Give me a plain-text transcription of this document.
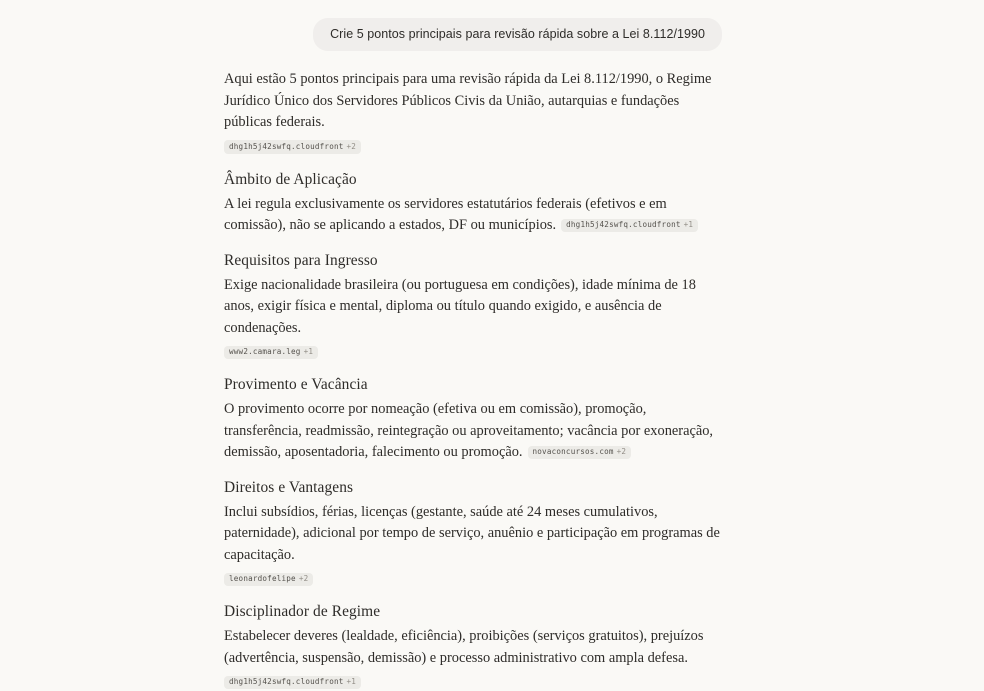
Crie 5 pontos principais para revisão rápida sobre a Lei 8.112/1990

Aqui estão 5 pontos principais para uma revisão rápida da Lei 8.112/1990, o Regime Jurídico Único dos Servidores Públicos Civis da União, autarquias e fundações públicas federais.

dhg1h5j42swfq.cloudfront +2
Âmbito de Aplicação

A lei regula exclusivamente os servidores estatutários federais (efetivos e em comissão), não se aplicando a estados, DF ou municípios. dhg1h5j42swfq.cloudfront +1

Requisitos para Ingresso

Exige nacionalidade brasileira (ou portuguesa em condições), idade mínima de 18 anos, exigir física e mental, diploma ou título quando exigido, e ausência de condenações.

www2.camara.leg +1
Provimento e Vacância

O provimento ocorre por nomeação (efetiva ou em comissão), promoção, transferência, readmissão, reintegração ou aproveitamento; vacância por exoneração, demissão, aposentadoria, falecimento ou promoção. novaconcursos.com +2

Direitos e Vantagens

Inclui subsídios, férias, licenças (gestante, saúde até 24 meses cumulativos, paternidade), adicional por tempo de serviço, anuênio e participação em programas de capacitação.

leonardofelipe +2
Disciplinador de Regime

Estabelecer deveres (lealdade, eficiência), proibições (serviços gratuitos), prejuízos (advertência, suspensão, demissão) e processo administrativo com ampla defesa.

dhg1h5j42swfq.cloudfront +1
